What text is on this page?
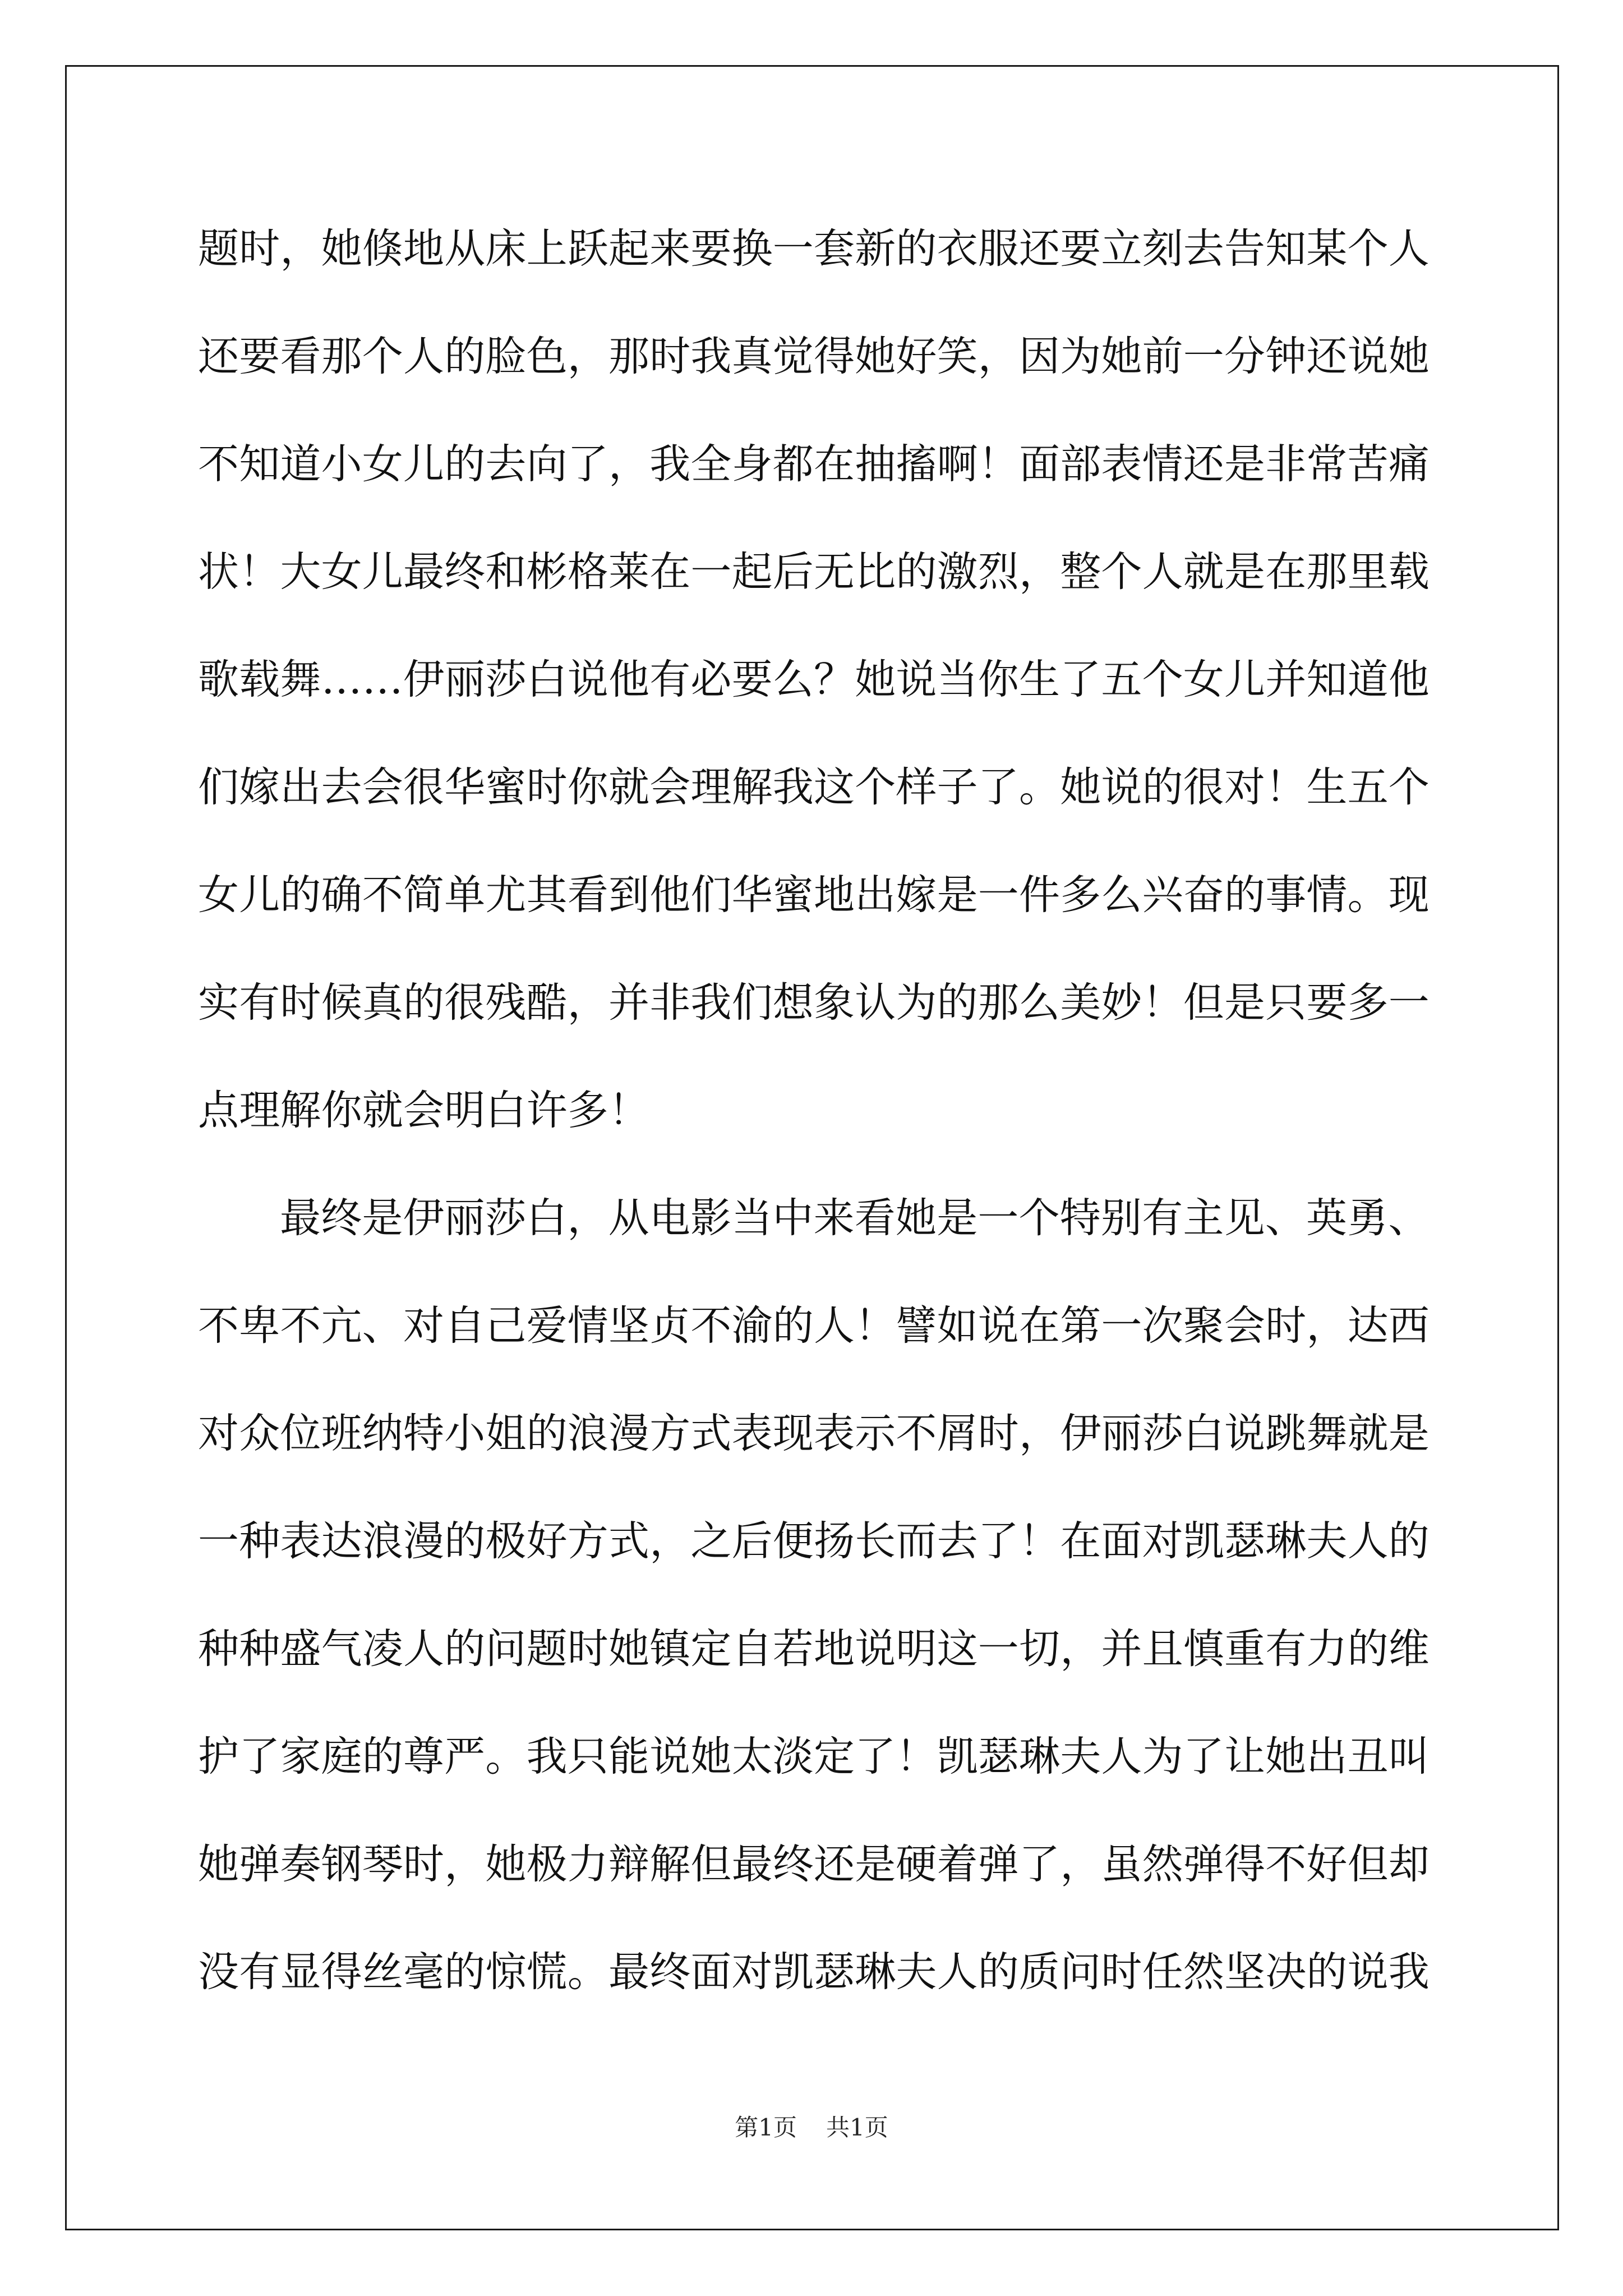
题时，她倏地从床上跃起来要换一套新的衣服还要立刻去告知某个人
还要看那个人的脸色，那时我真觉得她好笑，因为她前一分钟还说她
不知道小女儿的去向了，我全身都在抽搐啊！面部表情还是非常苦痛
状！大女儿最终和彬格莱在一起后无比的激烈，整个人就是在那里载
歌载舞……伊丽莎白说他有必要么？她说当你生了五个女儿并知道他
们嫁出去会很华蜜时你就会理解我这个样子了。她说的很对！生五个
女儿的确不简单尤其看到他们华蜜地出嫁是一件多么兴奋的事情。现
实有时候真的很残酷，并非我们想象认为的那么美妙！但是只要多一
点理解你就会明白许多！
最终是伊丽莎白，从电影当中来看她是一个特别有主见、英勇、
不卑不亢、对自己爱情坚贞不渝的人！譬如说在第一次聚会时，达西
对众位班纳特小姐的浪漫方式表现表示不屑时，伊丽莎白说跳舞就是
一种表达浪漫的极好方式，之后便扬长而去了！在面对凯瑟琳夫人的
种种盛气凌人的问题时她镇定自若地说明这一切，并且慎重有力的维
护了家庭的尊严。我只能说她太淡定了！凯瑟琳夫人为了让她出丑叫
她弹奏钢琴时，她极力辩解但最终还是硬着弹了，虽然弹得不好但却
没有显得丝毫的惊慌。最终面对凯瑟琳夫人的质问时任然坚决的说我
第1页 共1页
